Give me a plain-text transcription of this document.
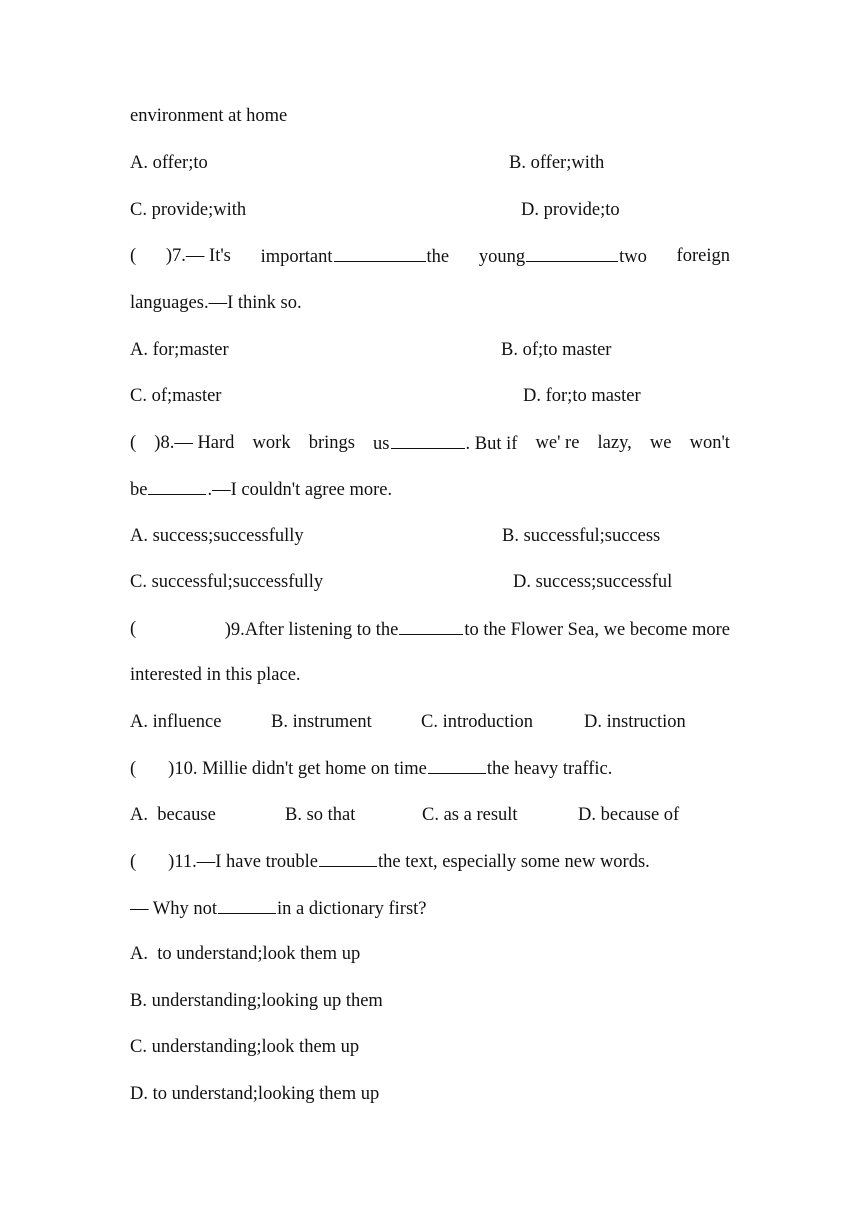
environment at home
A. offer;to	B. offer;with
C. provide;with	D. provide;to
( )7.— It's important	the young	two foreign
languages.—I think so.
A. for;master	B. of;to master
C. of;master	D. for;to master
( )8.— Hard work brings us	. But if we' re lazy, we won't
be	.—I couldn't agree more.
A. success;successfully	B. successful;success
C. successful;successfully	D. success;successful
(	)9.After listening to the	to the Flower Sea, we become more
interested in this place.
A. influence	B. instrument	C. introduction	D. instruction
( )10. Millie didn't get home on time	the heavy traffic.
A.  because	B. so that	C. as a result	D. because of
( )11.—I have trouble	the text, especially some new words.
— Why not	in a dictionary first?
A.  to understand;look them up
B. understanding;looking up them
C. understanding;look them up
D. to understand;looking them up
